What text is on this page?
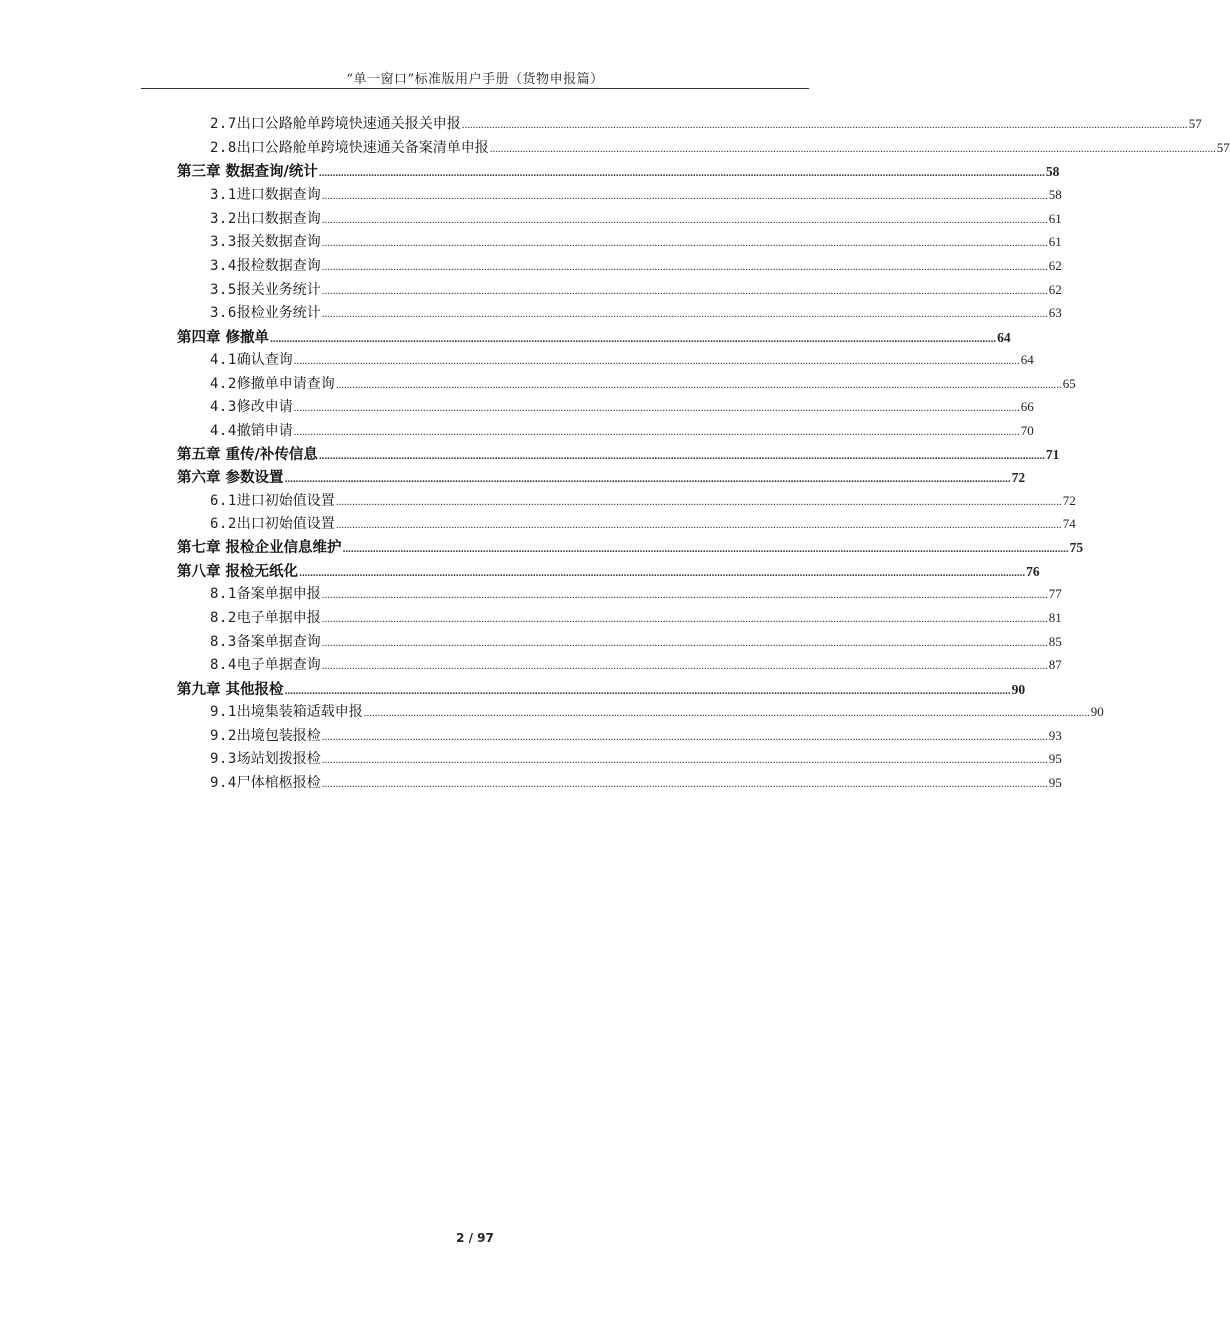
“单一窗口”标准版用户手册（货物申报篇）
2.7 出口公路舱单跨境快速通关报关申报 ........................................................................................................................................................................................................................................................................ 57
2.8 出口公路舱单跨境快速通关备案清单申报 ........................................................................................................................................................................................................................................................................ 57
第三章 数据查询/统计 ........................................................................................................................................................................................................................................................................ 58
3.1 进口数据查询 ........................................................................................................................................................................................................................................................................ 58
3.2 出口数据查询 ........................................................................................................................................................................................................................................................................ 61
3.3 报关数据查询 ........................................................................................................................................................................................................................................................................ 61
3.4 报检数据查询 ........................................................................................................................................................................................................................................................................ 62
3.5 报关业务统计 ........................................................................................................................................................................................................................................................................ 62
3.6 报检业务统计 ........................................................................................................................................................................................................................................................................ 63
第四章 修撤单 ........................................................................................................................................................................................................................................................................ 64
4.1 确认查询 ........................................................................................................................................................................................................................................................................ 64
4.2 修撤单申请查询 ........................................................................................................................................................................................................................................................................ 65
4.3 修改申请 ........................................................................................................................................................................................................................................................................ 66
4.4 撤销申请 ........................................................................................................................................................................................................................................................................ 70
第五章 重传/补传信息 ........................................................................................................................................................................................................................................................................ 71
第六章 参数设置 ........................................................................................................................................................................................................................................................................ 72
6.1 进口初始值设置 ........................................................................................................................................................................................................................................................................ 72
6.2 出口初始值设置 ........................................................................................................................................................................................................................................................................ 74
第七章 报检企业信息维护 ........................................................................................................................................................................................................................................................................ 75
第八章 报检无纸化 ........................................................................................................................................................................................................................................................................ 76
8.1 备案单据申报 ........................................................................................................................................................................................................................................................................ 77
8.2 电子单据申报 ........................................................................................................................................................................................................................................................................ 81
8.3 备案单据查询 ........................................................................................................................................................................................................................................................................ 85
8.4 电子单据查询 ........................................................................................................................................................................................................................................................................ 87
第九章 其他报检 ........................................................................................................................................................................................................................................................................ 90
9.1 出境集装箱适载申报 ........................................................................................................................................................................................................................................................................ 90
9.2 出境包装报检 ........................................................................................................................................................................................................................................................................ 93
9.3 场站划拨报检 ........................................................................................................................................................................................................................................................................ 95
9.4 尸体棺柩报检 ........................................................................................................................................................................................................................................................................ 95
2 / 97
